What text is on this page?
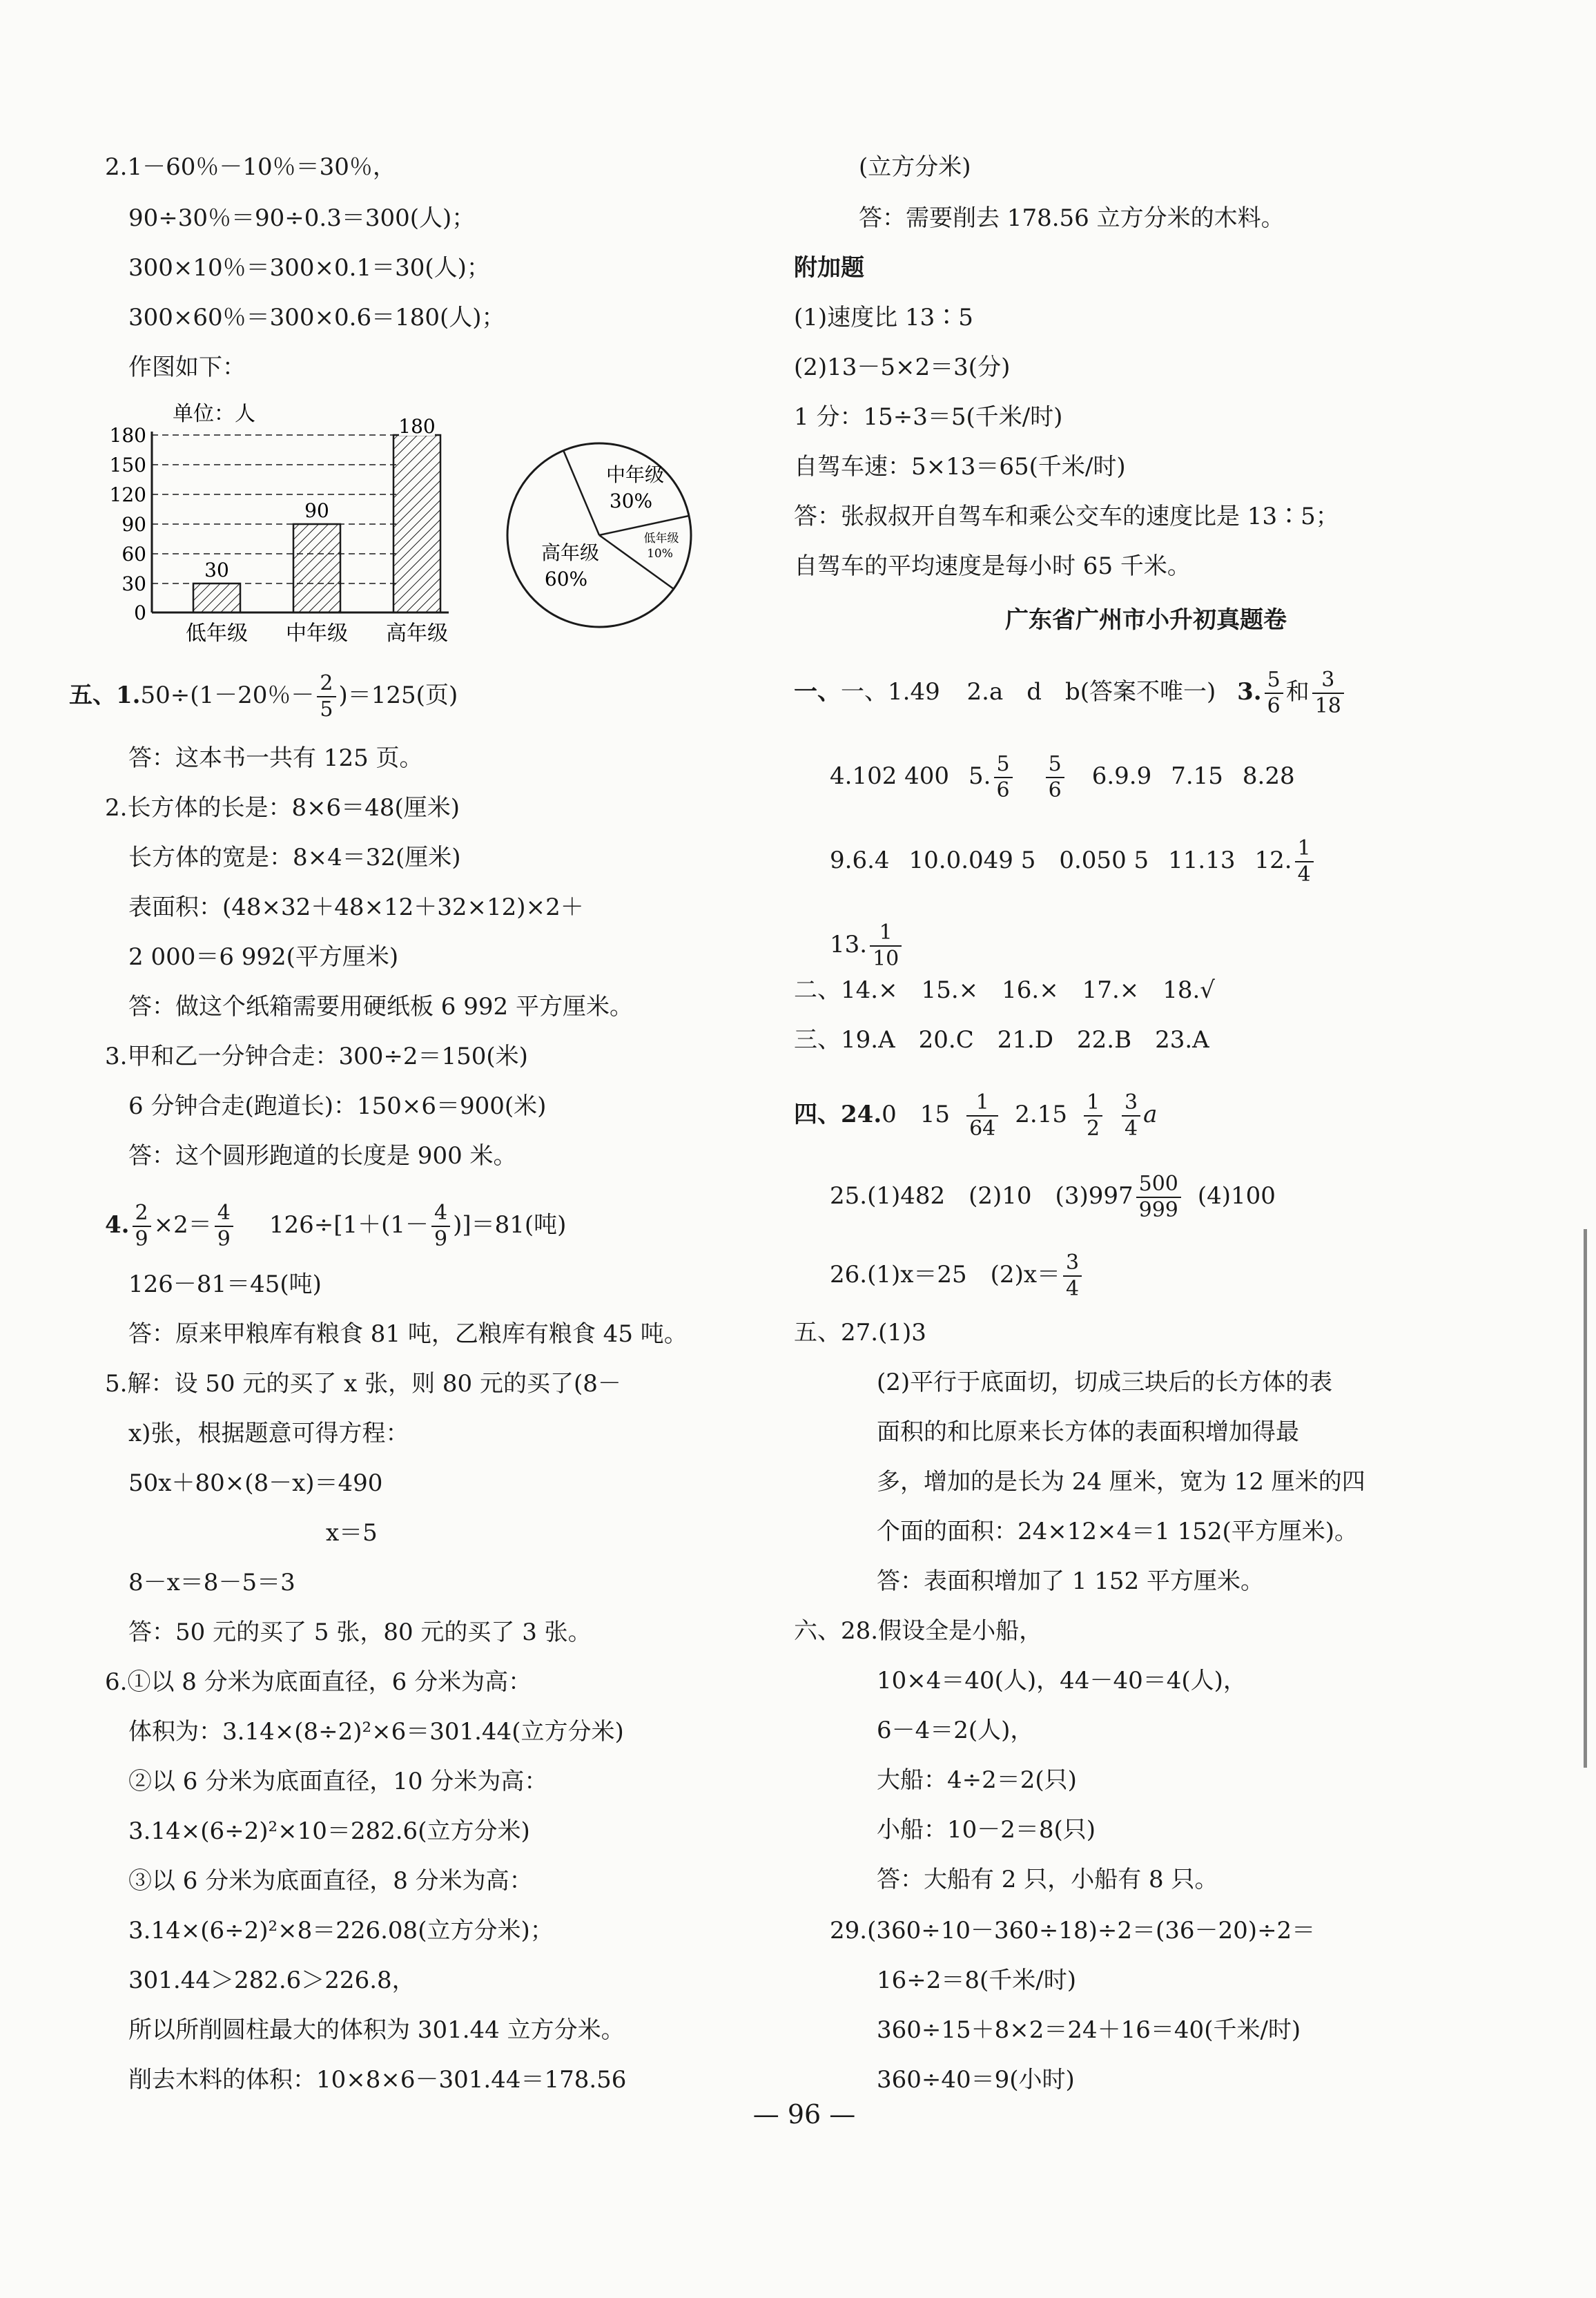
2.1－60％－10％＝30％，
90÷30％＝90÷0.3＝300(人)；
300×10％＝300×0.1＝30(人)；
300×60％＝300×0.6＝180(人)；
作图如下：
单位：人
180
150
120
90
60
30
0
30
90
180
低年级 中年级 高年级
中年级
30%
低年级
10%
高年级
60%
五、1.50÷(1－20％－ $\frac{2}{5} )=125$(页)
答：这本书一共有 125 页。
2.长方体的长是：8×6＝48(厘米)
长方体的宽是：8×4＝32(厘米)
表面积：(48×32＋48×12＋32×12)×2＋
2 000＝6 992(平方厘米)
答：做这个纸箱需要用硬纸板 6 992 平方厘米。
3.甲和乙一分钟合走：300÷2＝150(米)
6 分钟合走(跑道长)：150×6＝900(米)
答：这个圆形跑道的长度是 900 米。
4. $\frac{2}{9} \times 2= \frac{4}{9} 126\div[1+(1- \frac{4}{9} )]=81$(吨)
126－81＝45(吨)
答：原来甲粮库有粮食 81 吨，乙粮库有粮食 45 吨。
5.解：设 50 元的买了 x 张，则 80 元的买了(8－
x)张，根据题意可得方程：
50x＋80×(8－x)＝490
x＝5
8－x＝8－5＝3
答：50 元的买了 5 张，80 元的买了 3 张。
6.①以 8 分米为底面直径，6 分米为高：
体积为：3.14×(8÷2)²×6＝301.44(立方分米)
②以 6 分米为底面直径，10 分米为高：
3.14×(6÷2)²×10＝282.6(立方分米)
③以 6 分米为底面直径，8 分米为高：
3.14×(6÷2)²×8＝226.08(立方分米)；
301.44＞282.6＞226.8，
所以所削圆柱最大的体积为 301.44 立方分米。
削去木料的体积：10×8×6－301.44＝178.56
(立方分米)
答：需要削去 178.56 立方分米的木料。
附加题
(1)速度比 13∶5
(2)13－5×2＝3(分)
1 分：15÷3＝5(千米/时)
自驾车速：5×13＝65(千米/时)
答：张叔叔开自驾车和乘公交车的速度比是 13∶5；
自驾车的平均速度是每小时 65 千米。
广东省广州市小升初真题卷
一、一、1.49 2.a　d　b(答案不唯一) 3. $\frac{5}{6}$ 和 $\frac{3}{18}$
4.102 400 5. $\frac{5}{6} \frac{5}{6} 6.9.9$ 7.15 8.28
9.6.4 10.0.049 5　0.050 5 11.13 12. $\frac{1}{4}$
13. $\frac{1}{10}$
二、14.×　15.×　16.×　17.×　18.√
三、19.A　20.C　21.D　22.B　23.A
四、24.0　$15 \frac{1}{64} 2.15 \frac{1}{2} \frac{3}{4}$ a
25.(1)482　(2)10　$(3)997 \frac{500}{999} (4)100$
26.(1)x＝25　$(2)x= \frac{3}{4}$
五、27.(1)3
(2)平行于底面切，切成三块后的长方体的表
面积的和比原来长方体的表面积增加得最
多，增加的是长为 24 厘米，宽为 12 厘米的四
个面的面积：24×12×4＝1 152(平方厘米)。
答：表面积增加了 1 152 平方厘米。
六、28.假设全是小船，
10×4＝40(人)，44－40＝4(人)，
6－4＝2(人)，
大船：4÷2＝2(只)
小船：10－2＝8(只)
答：大船有 2 只，小船有 8 只。
29.(360÷10－360÷18)÷2＝(36－20)÷2＝
16÷2＝8(千米/时)
360÷15＋8×2＝24＋16＝40(千米/时)
360÷40＝9(小时)
— 96 —
